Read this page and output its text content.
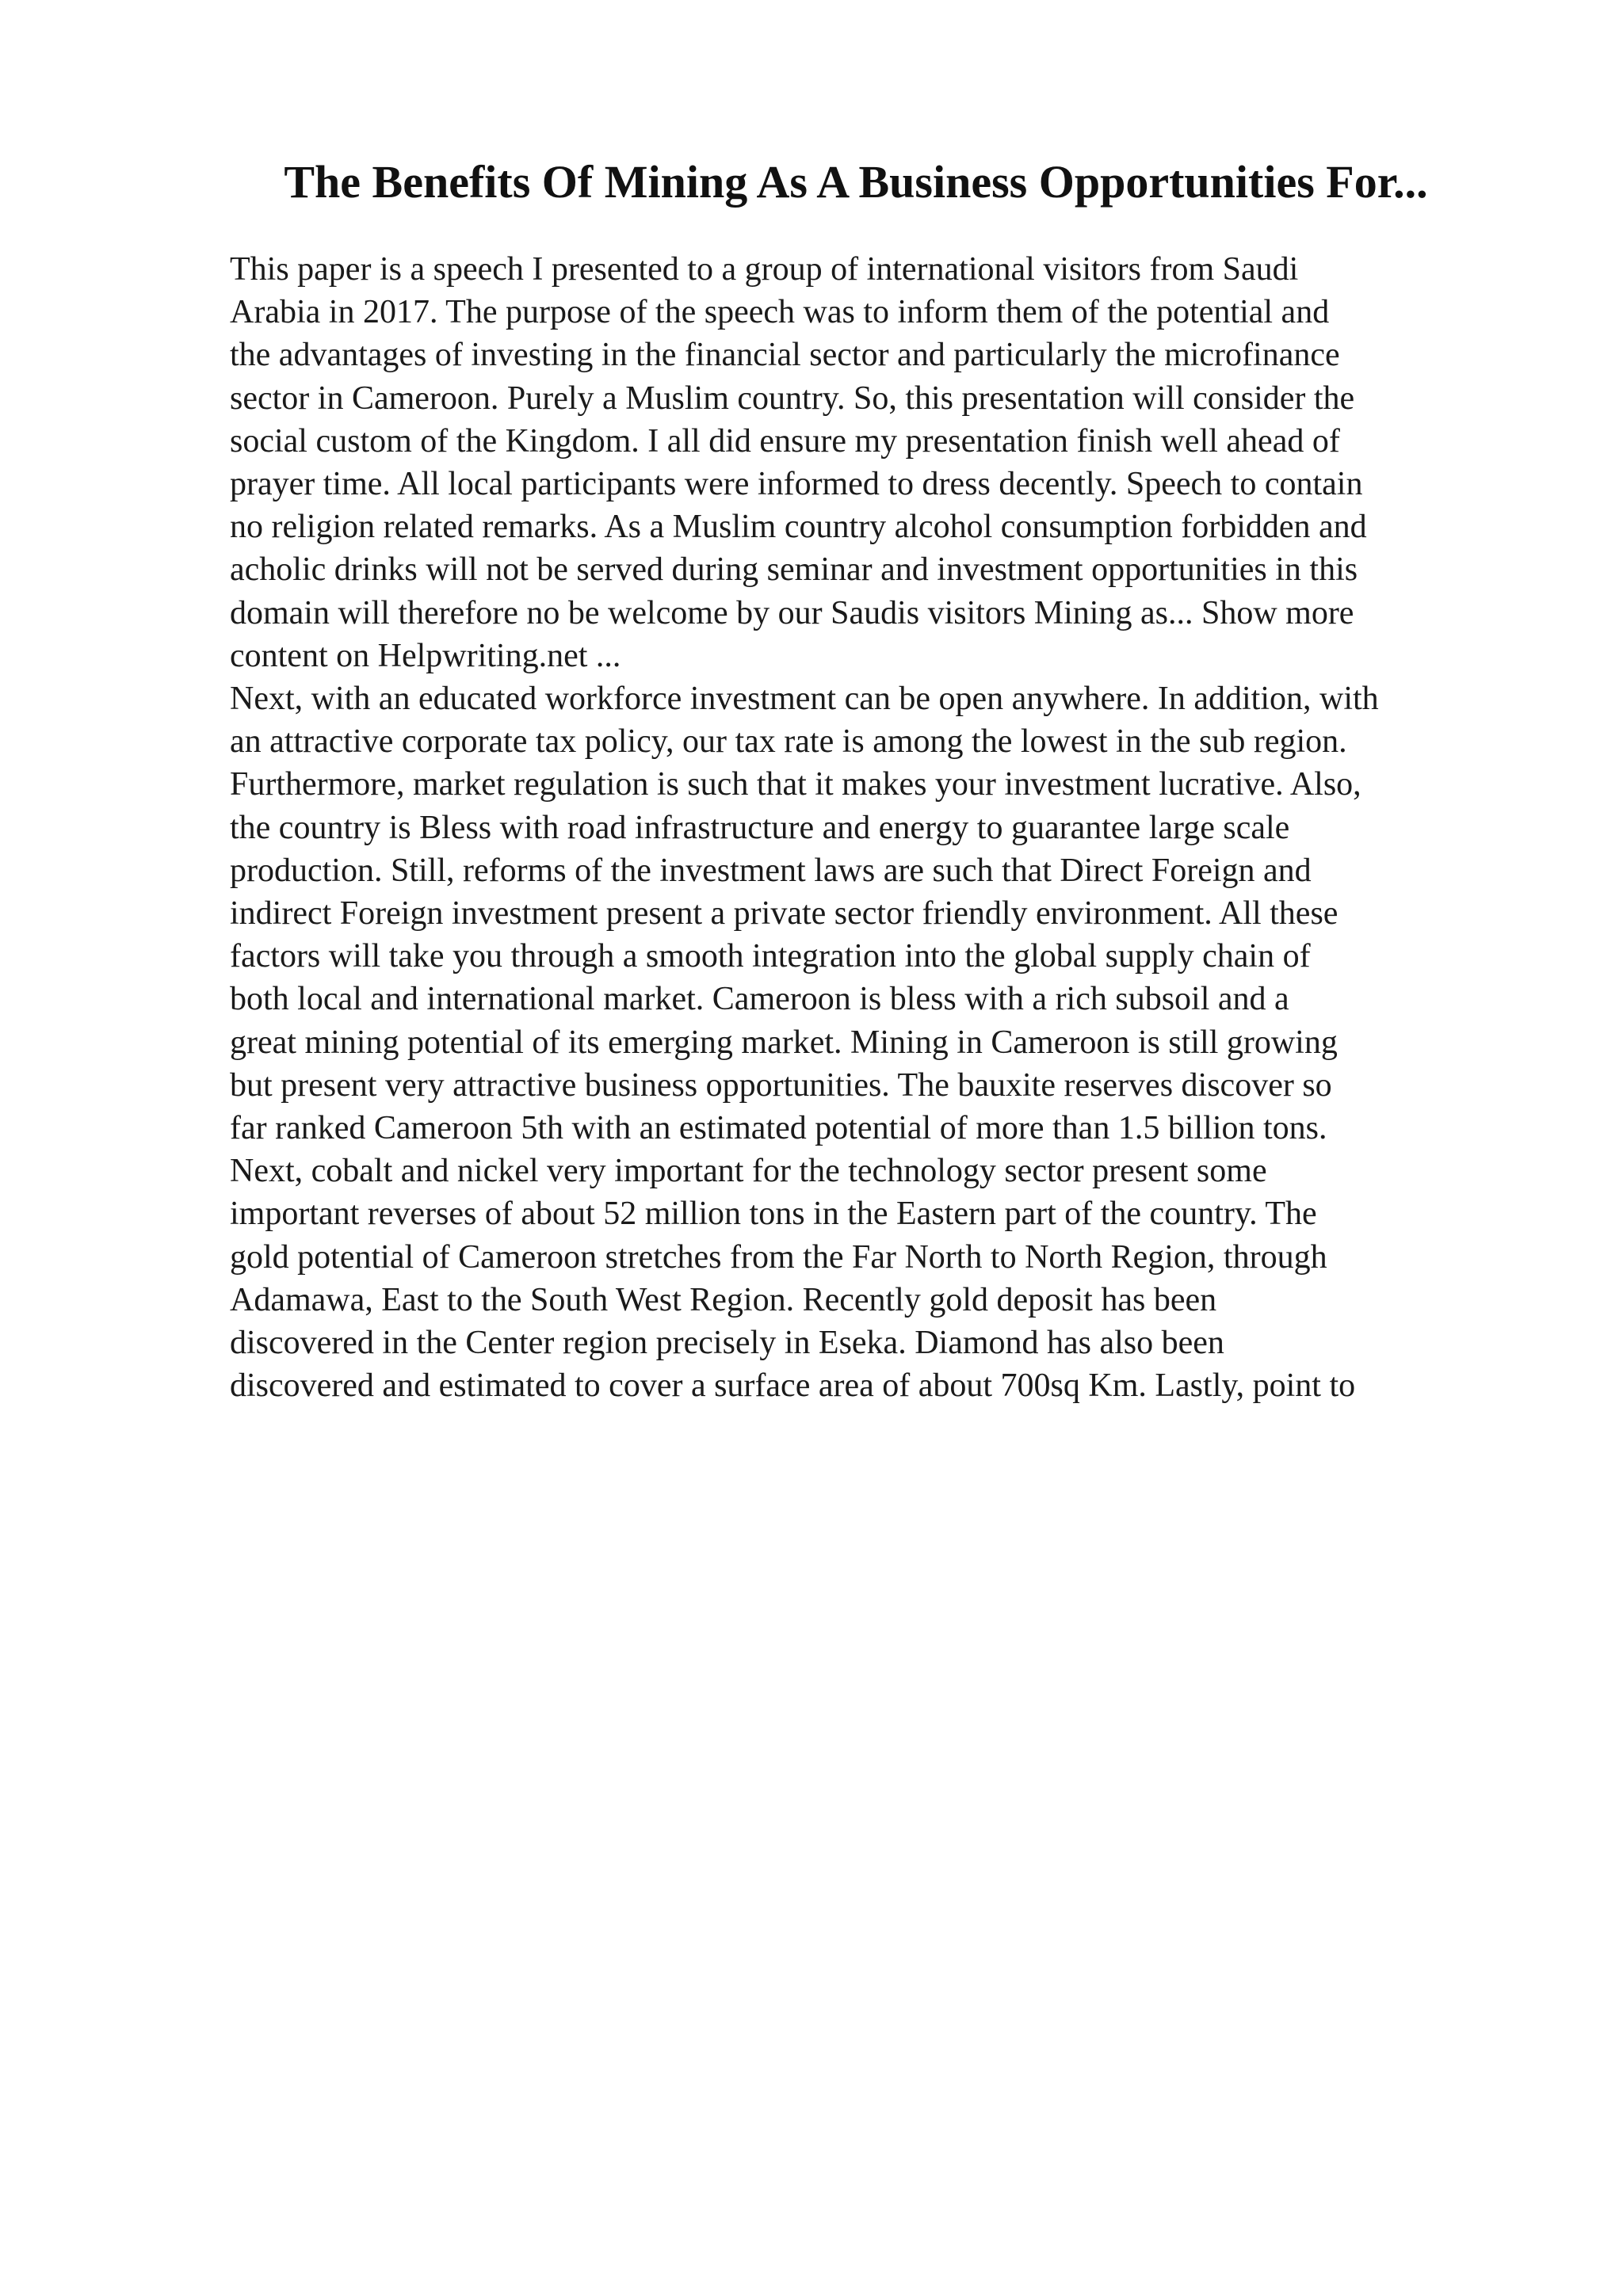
The Benefits Of Mining As A Business Opportunities For...

This paper is a speech I presented to a group of international visitors from Saudi
Arabia in 2017. The purpose of the speech was to inform them of the potential and
the advantages of investing in the financial sector and particularly the microfinance
sector in Cameroon. Purely a Muslim country. So, this presentation will consider the
social custom of the Kingdom. I all did ensure my presentation finish well ahead of
prayer time. All local participants were informed to dress decently. Speech to contain
no religion related remarks. As a Muslim country alcohol consumption forbidden and
acholic drinks will not be served during seminar and investment opportunities in this
domain will therefore no be welcome by our Saudis visitors Mining as... Show more
content on Helpwriting.net ...

Next, with an educated workforce investment can be open anywhere. In addition, with
an attractive corporate tax policy, our tax rate is among the lowest in the sub region.
Furthermore, market regulation is such that it makes your investment lucrative. Also,
the country is Bless with road infrastructure and energy to guarantee large scale
production. Still, reforms of the investment laws are such that Direct Foreign and
indirect Foreign investment present a private sector friendly environment. All these
factors will take you through a smooth integration into the global supply chain of
both local and international market. Cameroon is bless with a rich subsoil and a
great mining potential of its emerging market. Mining in Cameroon is still growing
but present very attractive business opportunities. The bauxite reserves discover so
far ranked Cameroon 5th with an estimated potential of more than 1.5 billion tons.
Next, cobalt and nickel very important for the technology sector present some
important reverses of about 52 million tons in the Eastern part of the country. The
gold potential of Cameroon stretches from the Far North to North Region, through
Adamawa, East to the South West Region. Recently gold deposit has been
discovered in the Center region precisely in Eseka. Diamond has also been
discovered and estimated to cover a surface area of about 700sq Km. Lastly, point to
